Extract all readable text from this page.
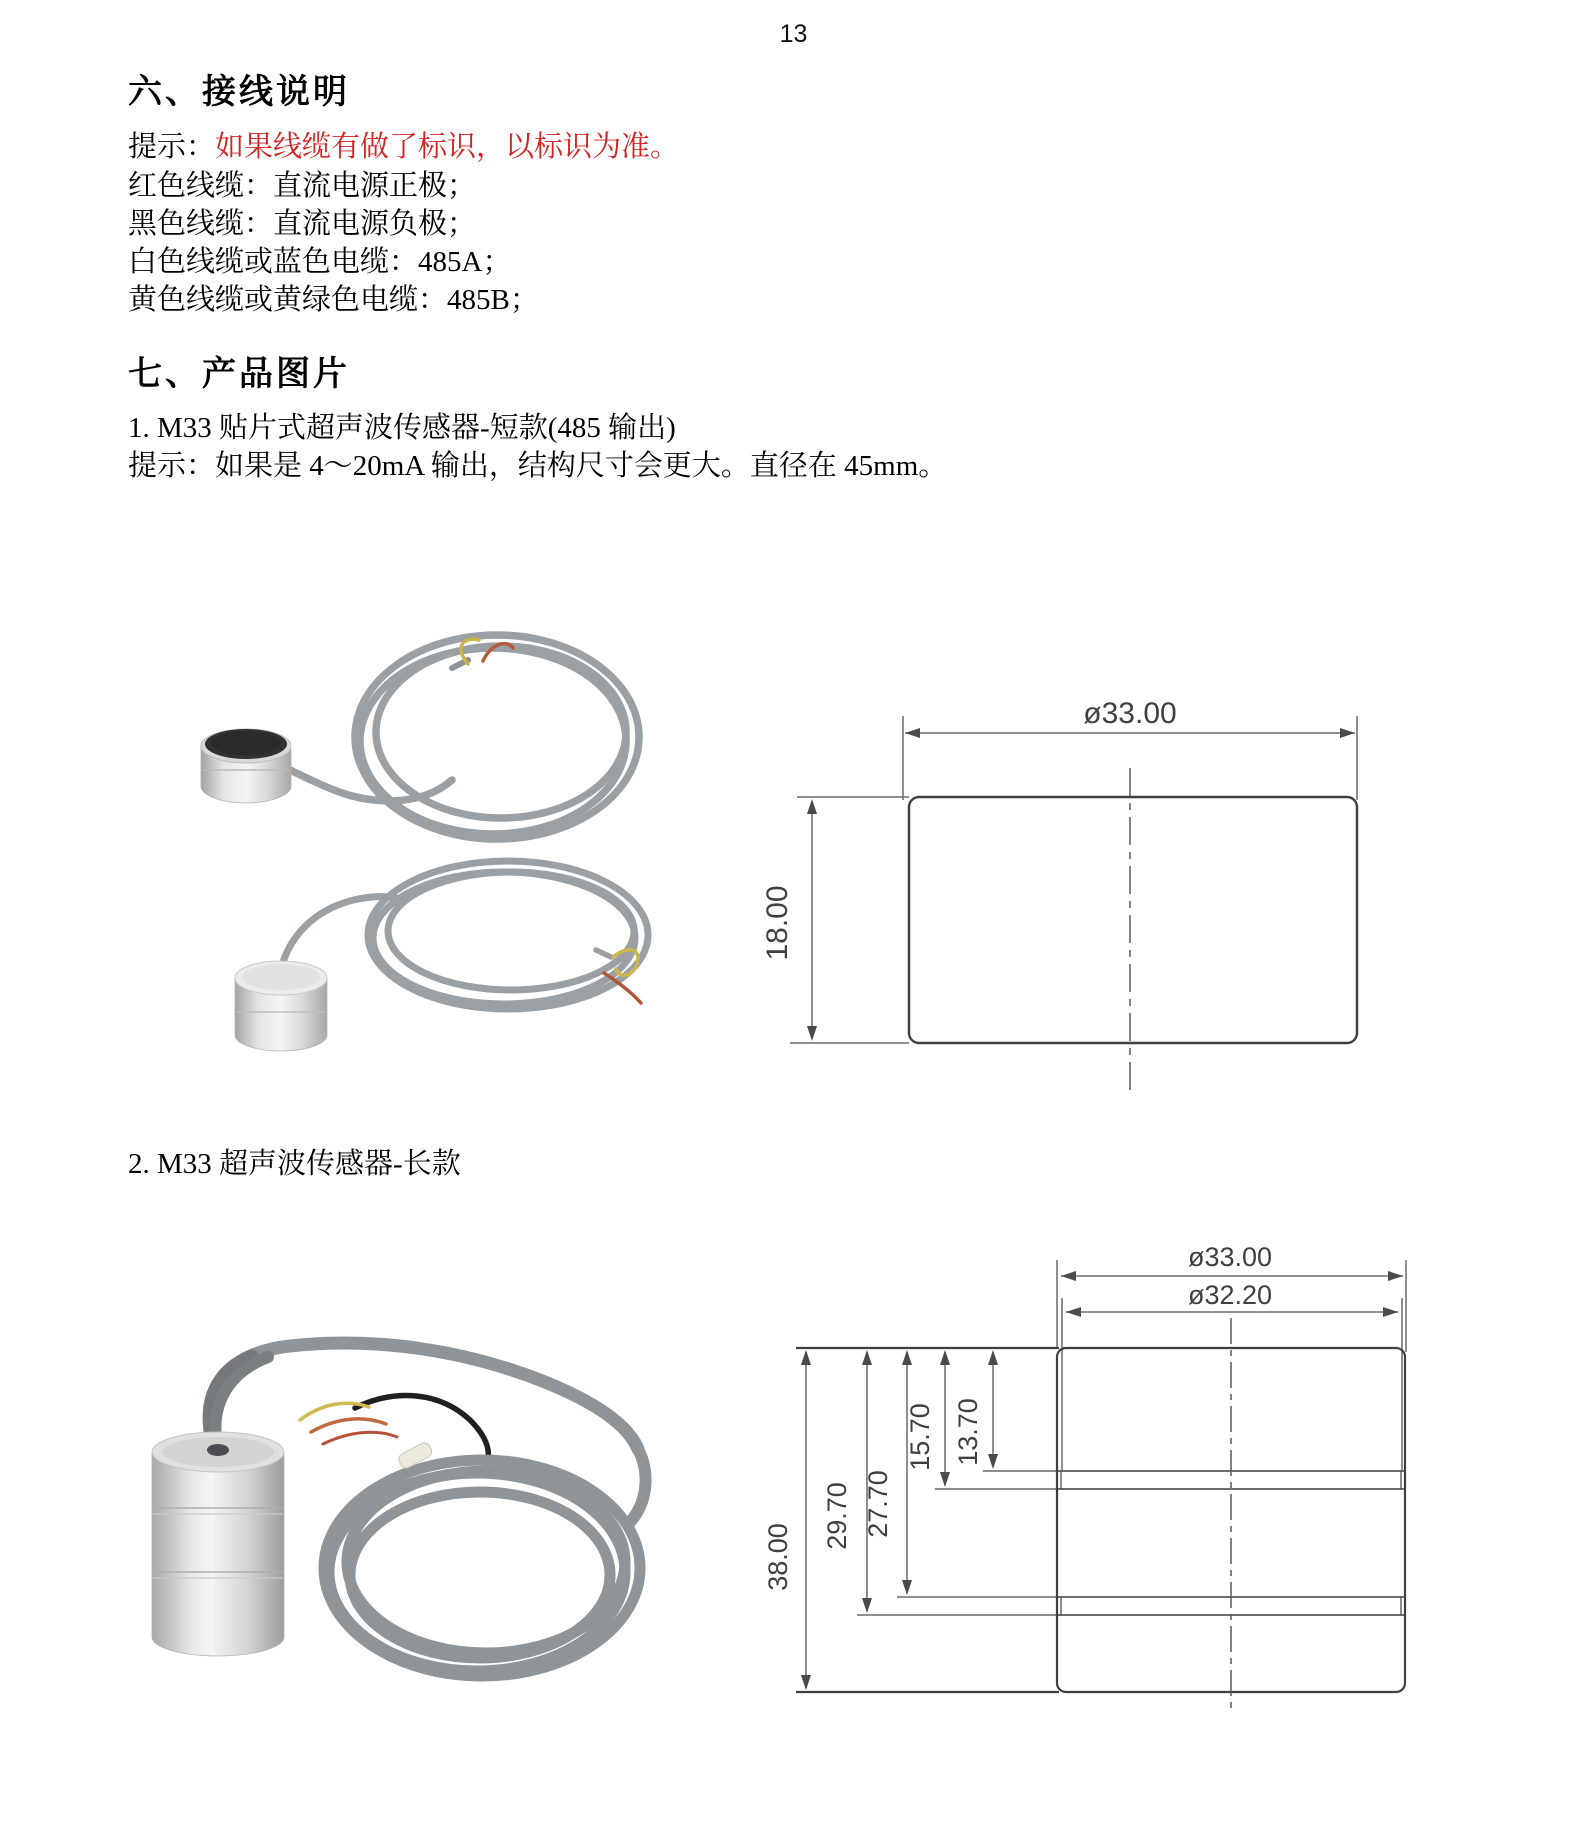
13
六、接线说明
提示：如果线缆有做了标识，以标识为准。
红色线缆：直流电源正极；
黑色线缆：直流电源负极；
白色线缆或蓝色电缆：485A；
黄色线缆或黄绿色电缆：485B；
七、产品图片
1. M33 贴片式超声波传感器-短款(485 输出)
提示：如果是 4～20mA 输出，结构尺寸会更大。直径在 45mm。
ø33.00
18.00
2. M33 超声波传感器-长款
ø33.00
ø32.20
38.00
29.70 27.70
15.70 13.70
